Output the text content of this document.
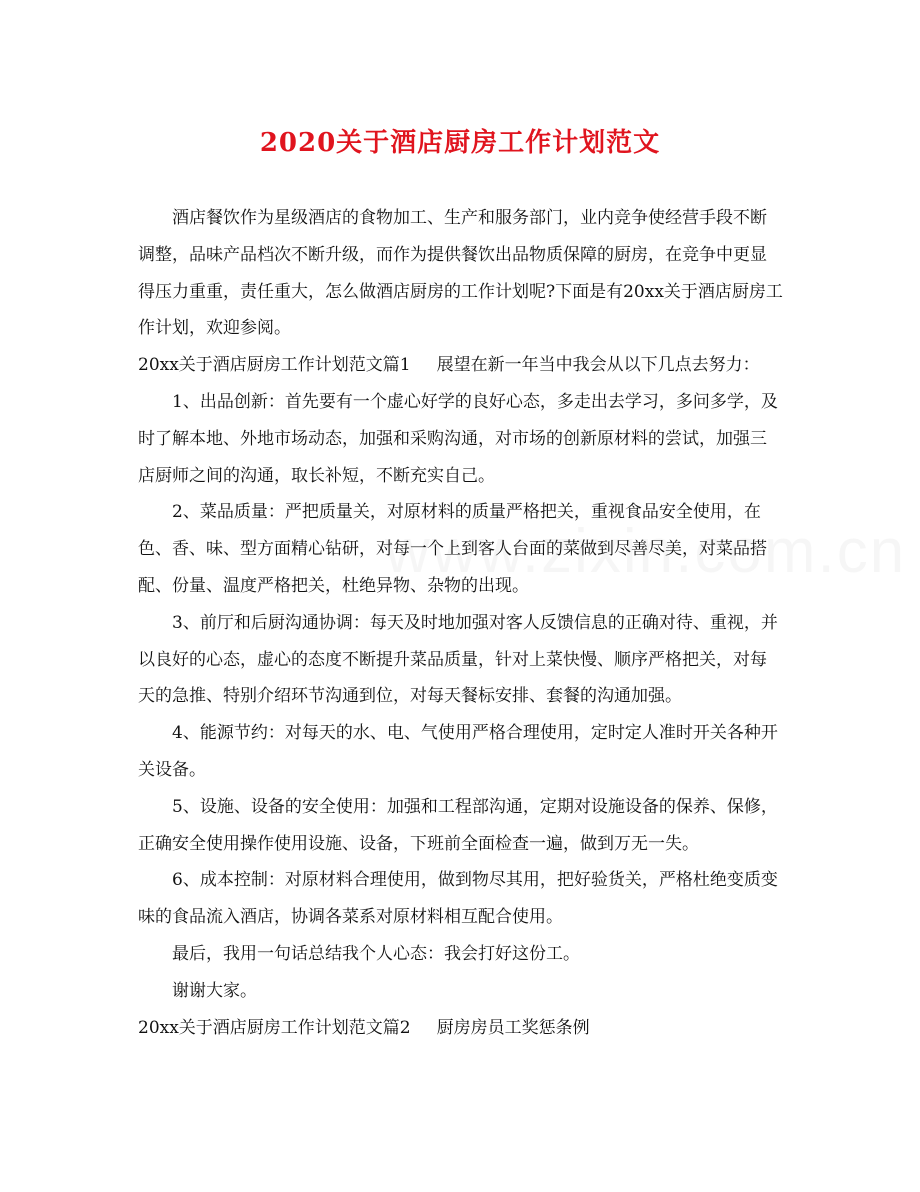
2020关于酒店厨房工作计划范文

酒店餐饮作为星级酒店的食物加工、生产和服务部门，业内竞争使经营手段不断调整，品味产品档次不断升级，而作为提供餐饮出品物质保障的厨房，在竞争中更显得压力重重，责任重大，怎么做酒店厨房的工作计划呢?下面是有20xx关于酒店厨房工作计划，欢迎参阅。

20xx关于酒店厨房工作计划范文篇1 展望在新一年当中我会从以下几点去努力：

1、出品创新：首先要有一个虚心好学的良好心态，多走出去学习，多问多学，及时了解本地、外地市场动态，加强和采购沟通，对市场的创新原材料的尝试，加强三店厨师之间的沟通，取长补短，不断充实自己。

2、菜品质量：严把质量关，对原材料的质量严格把关，重视食品安全使用，在色、香、味、型方面精心钻研，对每一个上到客人台面的菜做到尽善尽美，对菜品搭配、份量、温度严格把关，杜绝异物、杂物的出现。

3、前厅和后厨沟通协调：每天及时地加强对客人反馈信息的正确对待、重视，并以良好的心态，虚心的态度不断提升菜品质量，针对上菜快慢、顺序严格把关，对每天的急推、特别介绍环节沟通到位，对每天餐标安排、套餐的沟通加强。

4、能源节约：对每天的水、电、气使用严格合理使用，定时定人准时开关各种开关设备。

5、设施、设备的安全使用：加强和工程部沟通，定期对设施设备的保养、保修，正确安全使用操作使用设施、设备，下班前全面检查一遍，做到万无一失。

6、成本控制：对原材料合理使用，做到物尽其用，把好验货关，严格杜绝变质变味的食品流入酒店，协调各菜系对原材料相互配合使用。

最后，我用一句话总结我个人心态：我会打好这份工。

谢谢大家。

20xx关于酒店厨房工作计划范文篇2 厨房房员工奖惩条例
